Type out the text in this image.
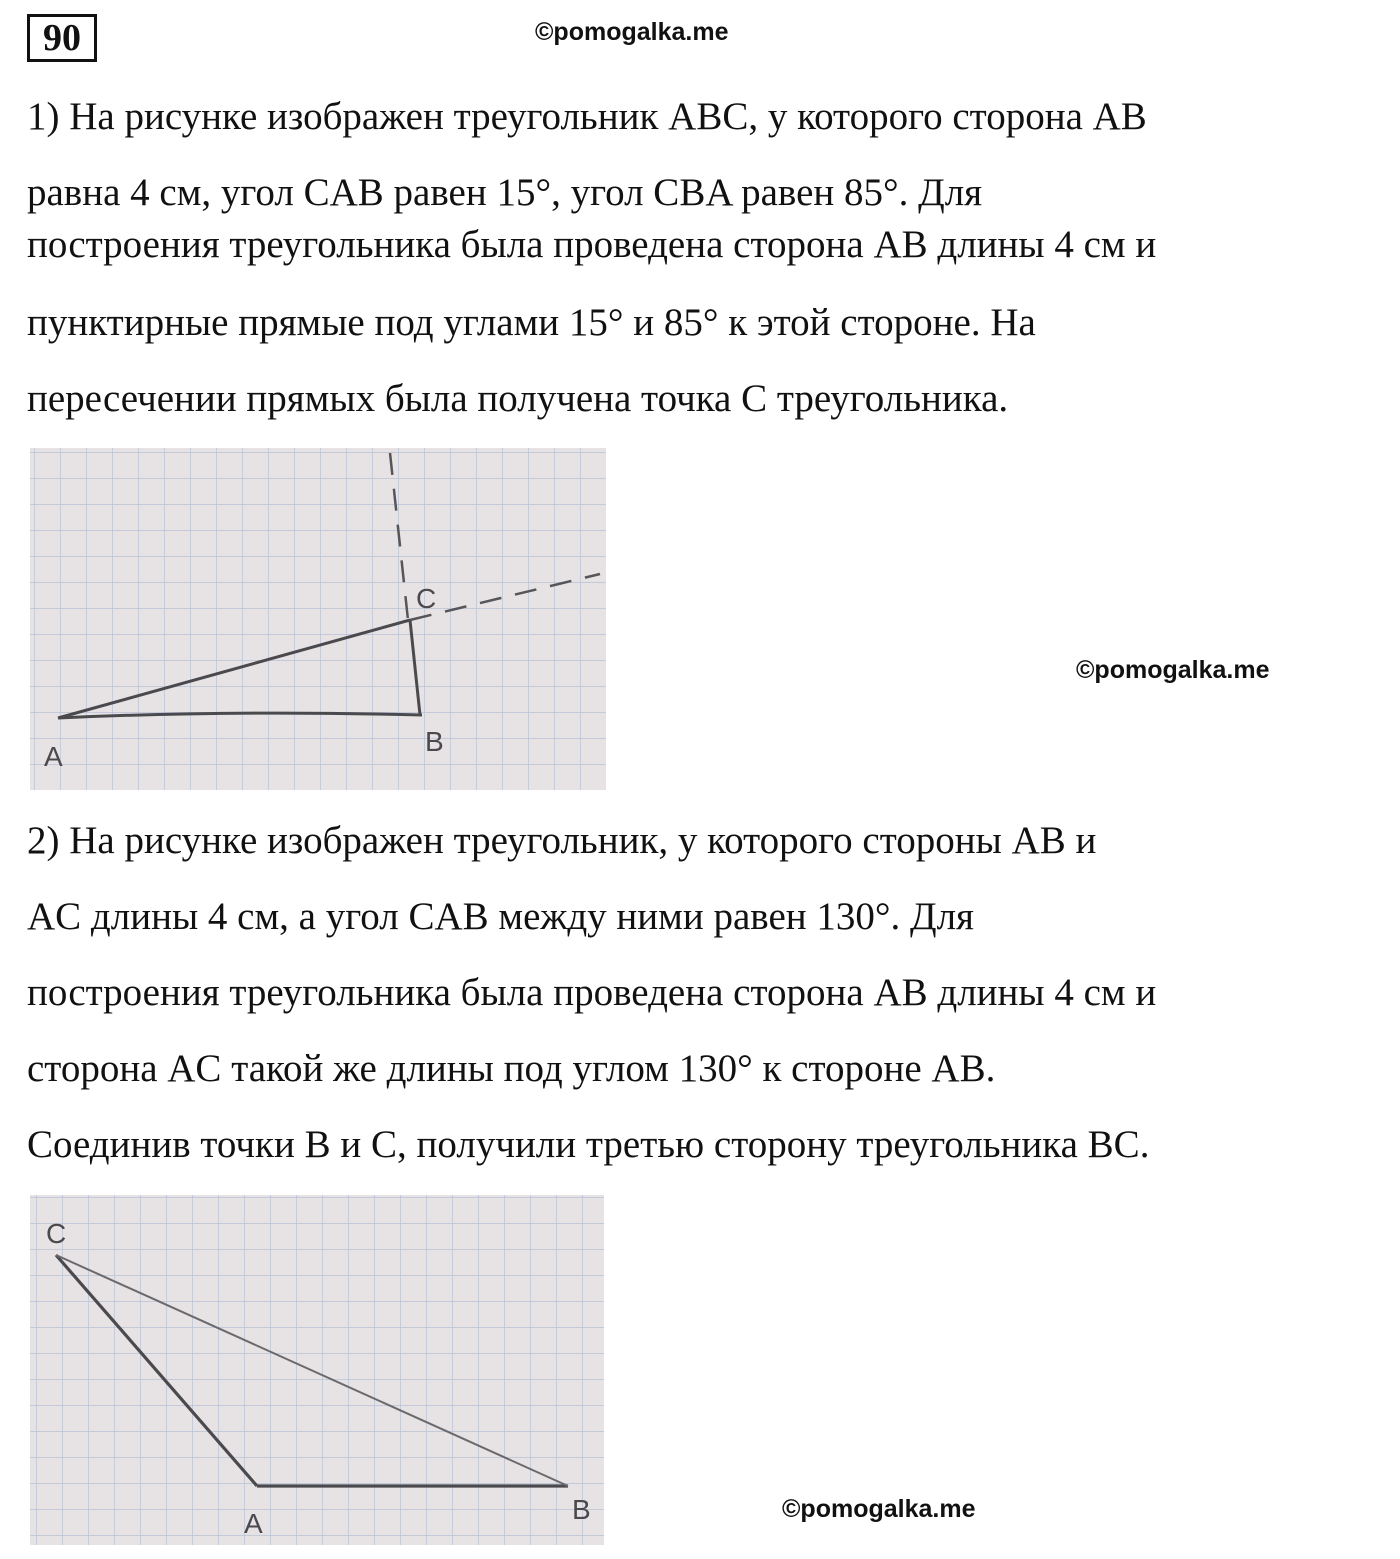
90	©pomogalka.me

1) На рисунке изображен треугольник ABC, у которого сторона AB

равна 4 см, угол CAB равен 15°, угол CBA равен 85°. Для

построения треугольника была проведена сторона AB длины 4 см и

пунктирные прямые под углами 15° и 85° к этой стороне. На

пересечении прямых была получена точка С треугольника.

A	B
C
©pomogalka.me

2) На рисунке изображен треугольник, у которого стороны AB и

AC длины 4 см, а угол CAB между ними равен 130°. Для

построения треугольника была проведена сторона AB длины 4 см и

сторона AC такой же длины под углом 130° к стороне AB.

Соединив точки B и C, получили третью сторону треугольника BC.

C
A	B	©pomogalka.me
